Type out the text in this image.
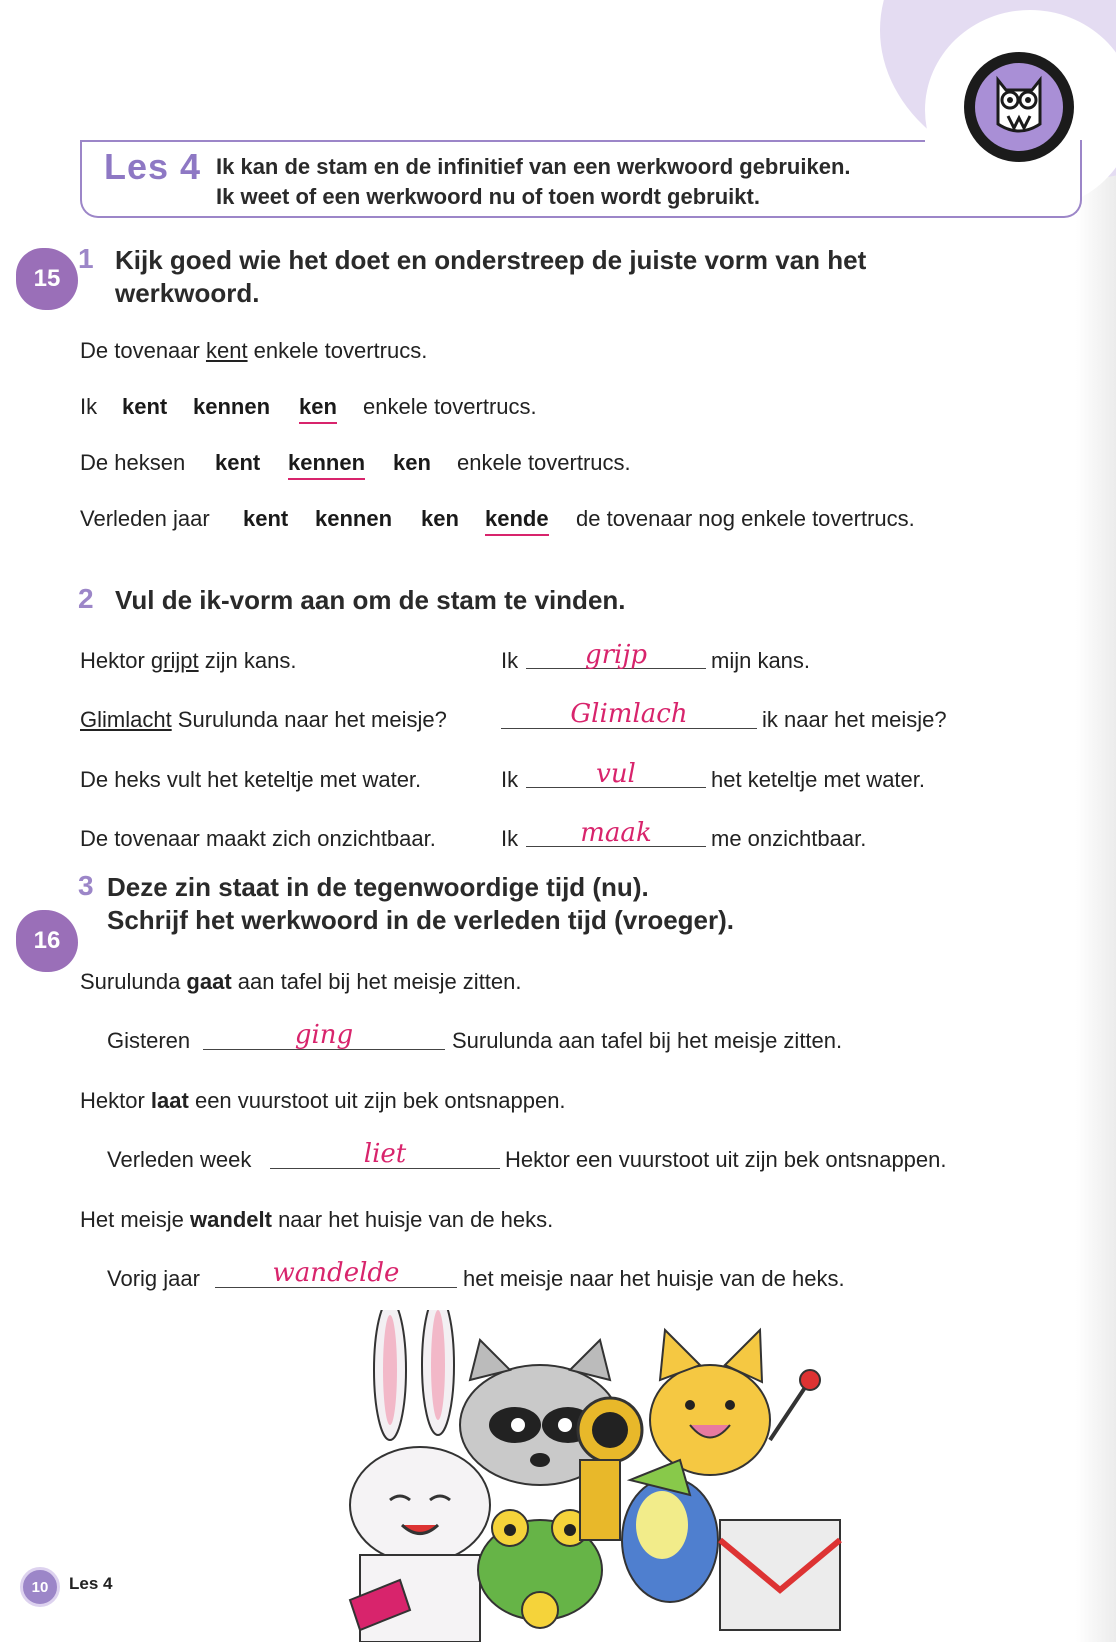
Les 4 Ik kan de stam en de infinitief van een werkwoord gebruiken.
Ik weet of een werkwoord nu of toen wordt gebruikt.
15
1 Kijk goed wie het doet en onderstreep de juiste vorm van het
werkwoord.
De tovenaar kent enkele tovertrucs.
Ik kent kennen ken enkele tovertrucs.
De heksen kent kennen ken enkele tovertrucs.
Verleden jaar kent kennen ken kende de tovenaar nog enkele tovertrucs.
2 Vul de ik-vorm aan om de stam te vinden.
Hektor grijpt zijn kans.	Ik	grijp	mijn kans.
Glimlacht Surulunda naar het meisje?	Glimlach	ik naar het meisje?
De heks vult het keteltje met water.	Ik	vul	het keteltje met water.
De tovenaar maakt zich onzichtbaar.	Ik	maak	me onzichtbaar.
3 Deze zin staat in de tegenwoordige tijd (nu).
Schrijf het werkwoord in de verleden tijd (vroeger).
16
Surulunda gaat aan tafel bij het meisje zitten.
Gisteren	ging	Surulunda aan tafel bij het meisje zitten.
Hektor laat een vuurstoot uit zijn bek ontsnappen.
Verleden week	liet	Hektor een vuurstoot uit zijn bek ontsnappen.
Het meisje wandelt naar het huisje van de heks.
Vorig jaar	wandelde	het meisje naar het huisje van de heks.
10 Les 4
